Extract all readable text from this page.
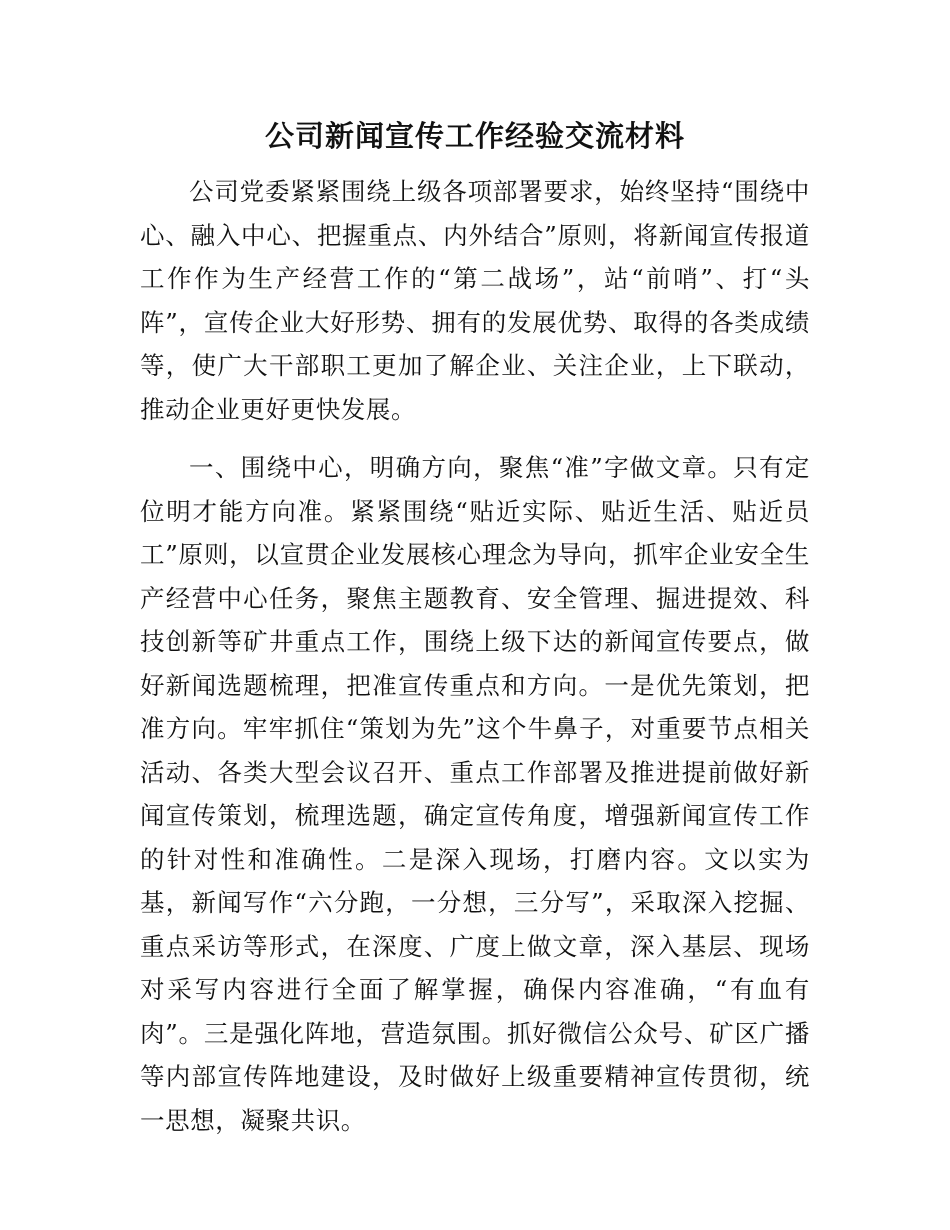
公司新闻宣传工作经验交流材料

公司党委紧紧围绕上级各项部署要求，始终坚持“围绕中心、融入中心、把握重点、内外结合”原则，将新闻宣传报道工作作为生产经营工作的“第二战场”，站“前哨”、打“头阵”，宣传企业大好形势、拥有的发展优势、取得的各类成绩等，使广大干部职工更加了解企业、关注企业，上下联动，推动企业更好更快发展。

一、围绕中心，明确方向，聚焦“准”字做文章。只有定位明才能方向准。紧紧围绕“贴近实际、贴近生活、贴近员工”原则，以宣贯企业发展核心理念为导向，抓牢企业安全生产经营中心任务，聚焦主题教育、安全管理、掘进提效、科技创新等矿井重点工作，围绕上级下达的新闻宣传要点，做好新闻选题梳理，把准宣传重点和方向。一是优先策划，把准方向。牢牢抓住“策划为先”这个牛鼻子，对重要节点相关活动、各类大型会议召开、重点工作部署及推进提前做好新闻宣传策划，梳理选题，确定宣传角度，增强新闻宣传工作的针对性和准确性。二是深入现场，打磨内容。文以实为基，新闻写作“六分跑，一分想，三分写”，采取深入挖掘、重点采访等形式，在深度、广度上做文章，深入基层、现场对采写内容进行全面了解掌握，确保内容准确，“有血有肉”。三是强化阵地，营造氛围。抓好微信公众号、矿区广播等内部宣传阵地建设，及时做好上级重要精神宣传贯彻，统一思想，凝聚共识。
